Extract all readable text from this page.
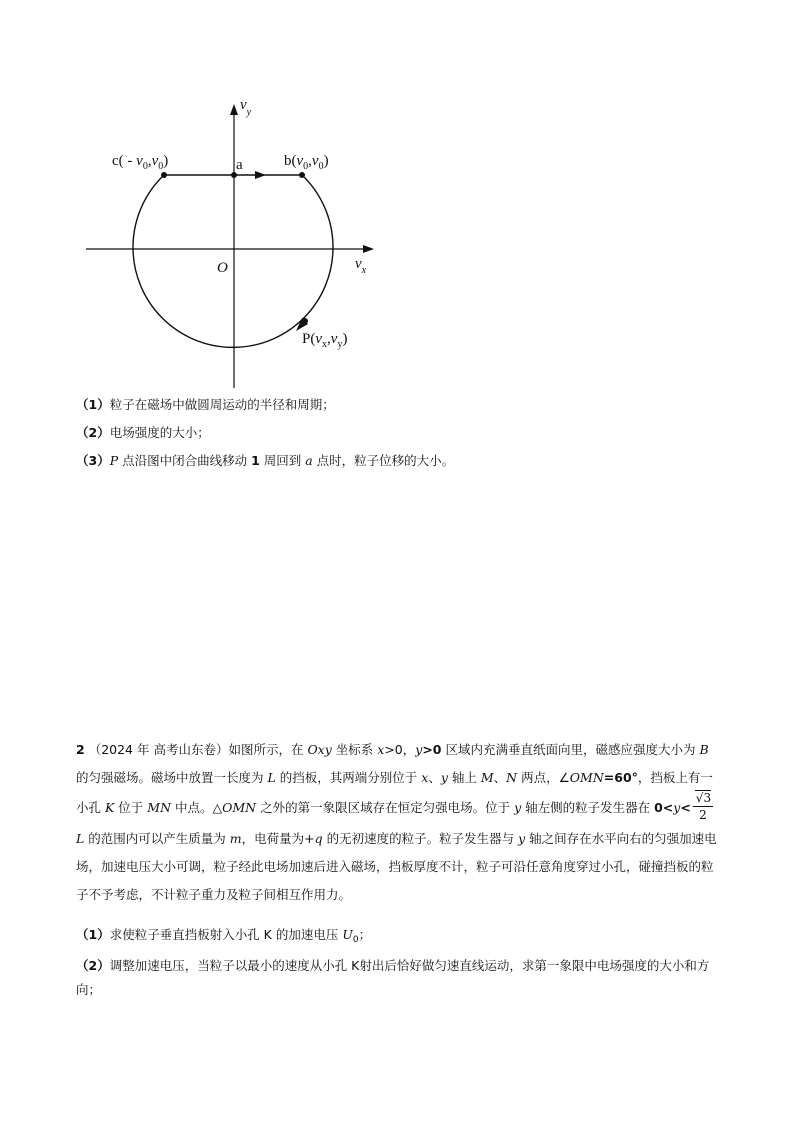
$v_y$
$v_x$
O
a
$c( - v_0,v_0)$	$b(v_0,v_0)$
$P(v_x,v_y)$
（1）粒子在磁场中做圆周运动的半径和周期；
（2）电场强度的大小；
（3）P 点沿图中闭合曲线移动 1 周回到 a 点时，粒子位移的大小。
2 （2024 年 高考山东卷）如图所示，在 Oxy 坐标系 x>0，y>0 区域内充满垂直纸面向里，磁感应强度大小为 B 的匀强磁场。磁场中放置一长度为 L 的挡板，其两端分别位于 x、y 轴上 M、N 两点，∠OMN=60°，挡板上有一小孔 K 位于 MN 中点。△OMN 之外的第一象限区域存在恒定匀强电场。位于 y 轴左侧的粒子发生器在 $0<y< \frac{√3}{2}$
L 的范围内可以产生质量为 m，电荷量为+q 的无初速度的粒子。粒子发生器与 y 轴之间存在水平向右的匀强加速电场，加速电压大小可调，粒子经此电场加速后进入磁场，挡板厚度不计，粒子可沿任意角度穿过小孔，碰撞挡板的粒子不予考虑，不计粒子重力及粒子间相互作用力。
（1）求使粒子垂直挡板射入小孔 K 的加速电压 $U_0$；
（2）调整加速电压，当粒子以最小的速度从小孔 K射出后恰好做匀速直线运动，求第一象限中电场强度的大小和方向；
